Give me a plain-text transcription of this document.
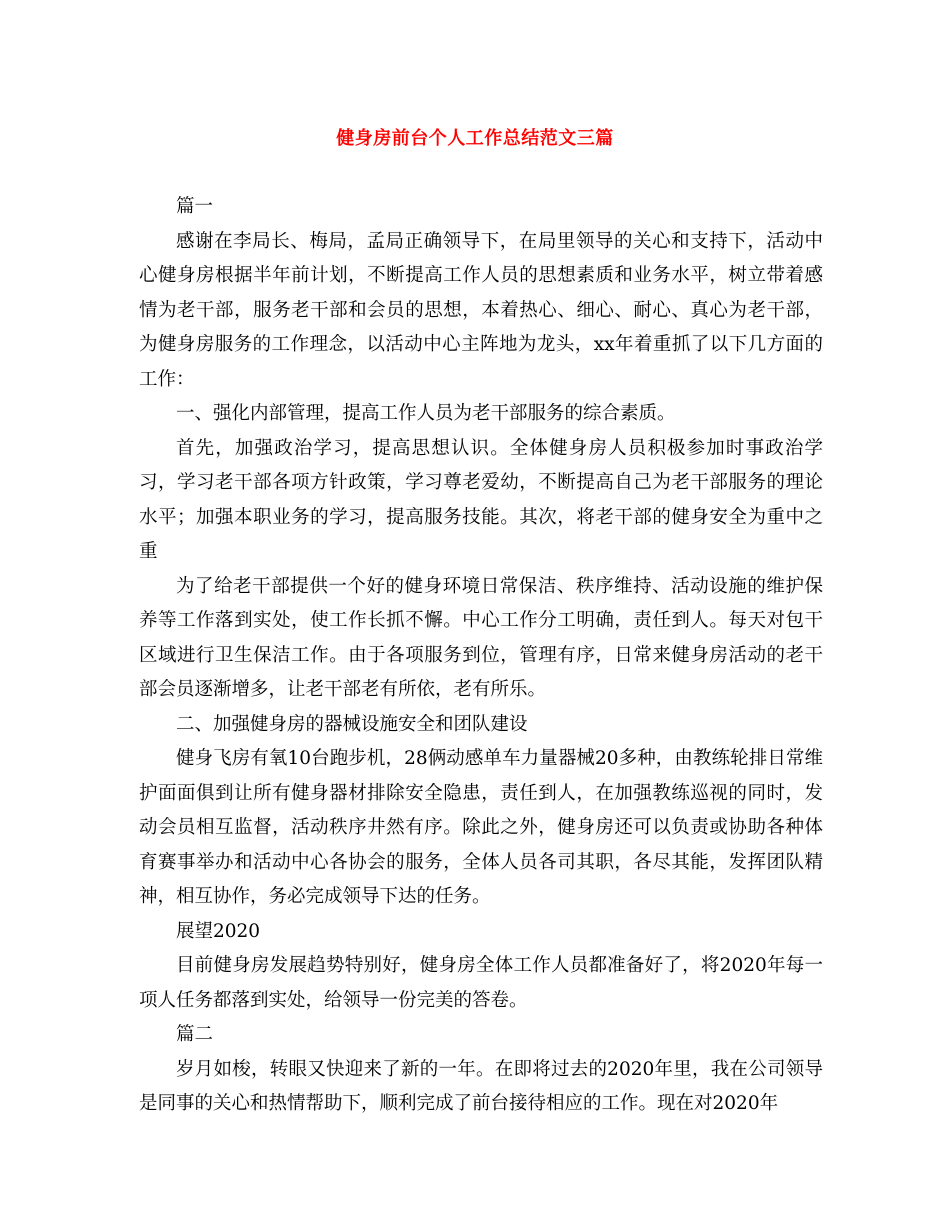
健身房前台个人工作总结范文三篇

篇一

感谢在李局长、梅局，孟局正确领导下，在局里领导的关心和支持下，活动中心健身房根据半年前计划，不断提高工作人员的思想素质和业务水平，树立带着感情为老干部，服务老干部和会员的思想，本着热心、细心、耐心、真心为老干部，为健身房服务的工作理念，以活动中心主阵地为龙头，xx年着重抓了以下几方面的工作：

一、强化内部管理，提高工作人员为老干部服务的综合素质。

首先，加强政治学习，提高思想认识。全体健身房人员积极参加时事政治学习，学习老干部各项方针政策，学习尊老爱幼，不断提高自己为老干部服务的理论水平；加强本职业务的学习，提高服务技能。其次，将老干部的健身安全为重中之重

为了给老干部提供一个好的健身环境日常保洁、秩序维持、活动设施的维护保养等工作落到实处，使工作长抓不懈。中心工作分工明确，责任到人。每天对包干区域进行卫生保洁工作。由于各项服务到位，管理有序，日常来健身房活动的老干部会员逐渐增多，让老干部老有所依，老有所乐。

二、加强健身房的器械设施安全和团队建设

健身飞房有氧10台跑步机，28俩动感单车力量器械20多种，由教练轮排日常维护面面俱到让所有健身器材排除安全隐患，责任到人，在加强教练巡视的同时，发动会员相互监督，活动秩序井然有序。除此之外，健身房还可以负责或协助各种体育赛事举办和活动中心各协会的服务，全体人员各司其职，各尽其能，发挥团队精神，相互协作，务必完成领导下达的任务。

展望2020

目前健身房发展趋势特别好，健身房全体工作人员都准备好了，将2020年每一项人任务都落到实处，给领导一份完美的答卷。

篇二

岁月如梭，转眼又快迎来了新的一年。在即将过去的2020年里，我在公司领导是同事的关心和热情帮助下，顺利完成了前台接待相应的工作。现在对2020年
